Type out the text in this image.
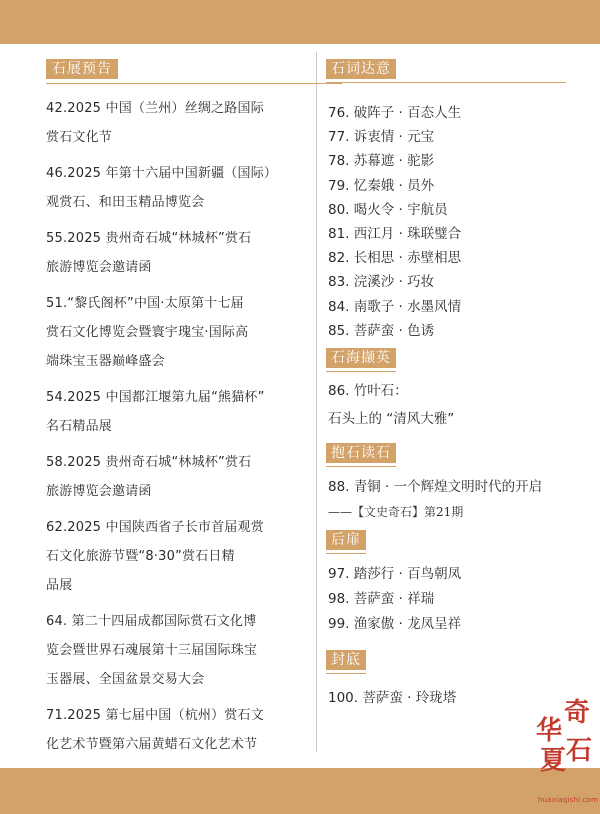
石展预告
42.2025 中国（兰州）丝绸之路国际
赏石文化节
46.2025 年第十六届中国新疆（国际）
观赏石、和田玉精品博览会
55.2025 贵州奇石城“林城杯”赏石
旅游博览会邀请函
51.“黎氏阁杯”中国·太原第十七届
赏石文化博览会暨寰宇瑰宝·国际高
端珠宝玉器巅峰盛会
54.2025 中国都江堰第九届“熊猫杯”
名石精品展
58.2025 贵州奇石城“林城杯”赏石
旅游博览会邀请函
62.2025 中国陕西省子长市首届观赏
石文化旅游节暨“8·30”赏石日精
品展
64. 第二十四届成都国际赏石文化博
览会暨世界石魂展第十三届国际珠宝
玉器展、全国盆景交易大会
71.2025 第七届中国（杭州）赏石文
化艺术节暨第六届黄蜡石文化艺术节
石词达意
76. 破阵子 · 百态人生
77. 诉衷情 · 元宝
78. 苏幕遮 · 驼影
79. 忆秦娥 · 员外
80. 喝火令 · 宇航员
81. 西江月 · 珠联璧合
82. 长相思 · 赤壁相思
83. 浣溪沙 · 巧妆
84. 南歌子 · 水墨风情
85. 菩萨蛮 · 色诱
石海撷英
86. 竹叶石：
石头上的 “清风大雅”
抱石读石
88. 青铜 · 一个辉煌文明时代的开启
——【文史奇石】第21期
后扉
97. 踏莎行 · 百鸟朝凤
98. 菩萨蛮 · 祥瑞
99. 渔家傲 · 龙凤呈祥
封底
100. 菩萨蛮 · 玲珑塔	奇
华
石
夏
huaxiaqishi.com
